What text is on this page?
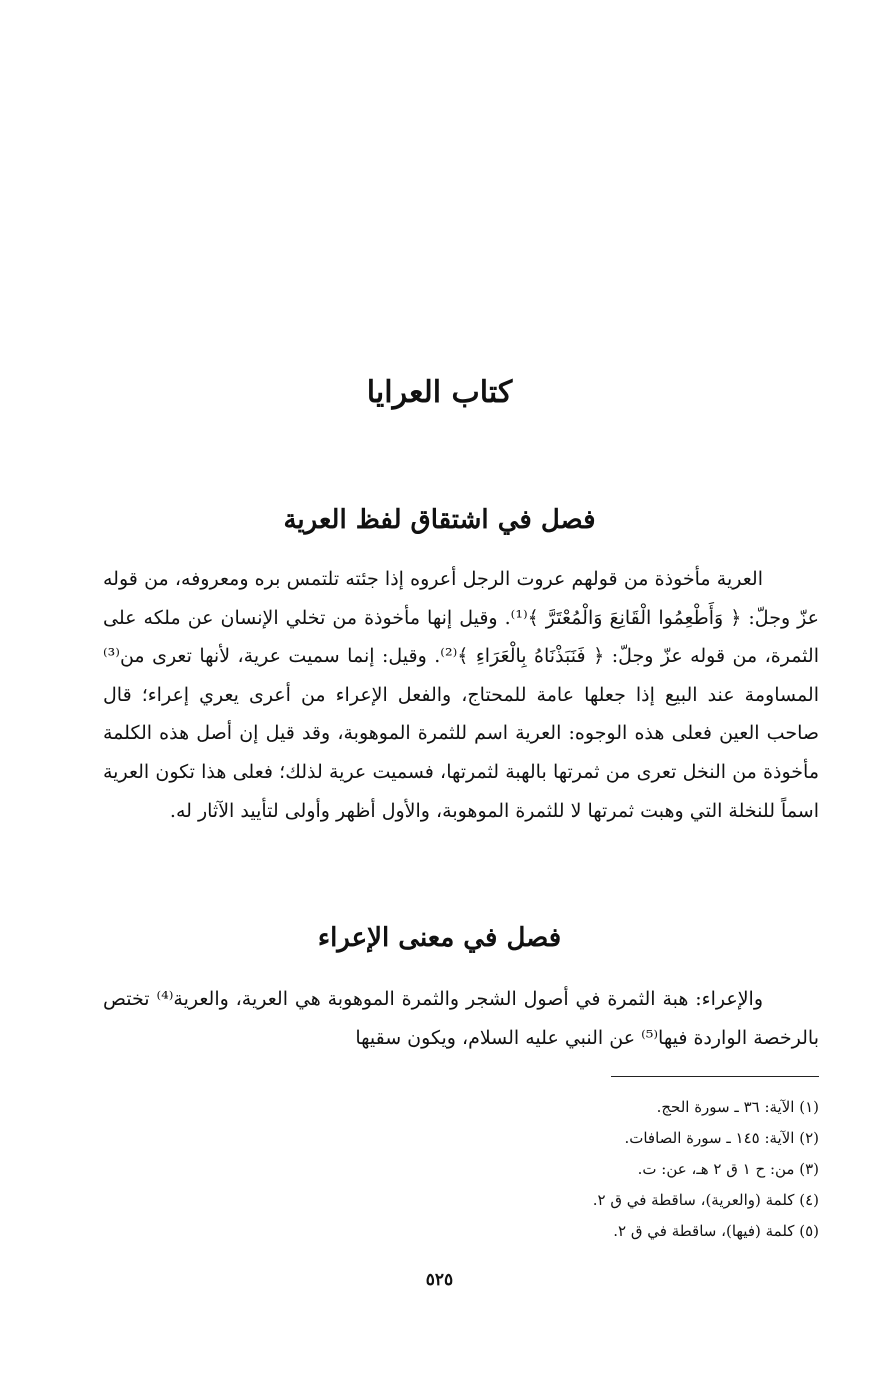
كتاب العرايا
فصل في اشتقاق لفظ العرية

العرية مأخوذة من قولهم عروت الرجل أعروه إذا جئته تلتمس بره ومعروفه، من قوله عزّ وجلّ: ﴿ وَأَطْعِمُوا الْقَانِعَ وَالْمُعْتَرَّ ﴾⁽¹⁾. وقيل إنها مأخوذة من تخلي الإنسان عن ملكه على الثمرة، من قوله عزّ وجلّ: ﴿ فَنَبَذْنَاهُ بِالْعَرَاءِ ﴾⁽²⁾. وقيل: إنما سميت عرية، لأنها تعرى من⁽³⁾ المساومة عند البيع إذا جعلها عامة للمحتاج، والفعل الإعراء من أعرى يعري إعراء؛ قال صاحب العين فعلى هذه الوجوه: العرية اسم للثمرة الموهوبة، وقد قيل إن أصل هذه الكلمة مأخوذة من النخل تعرى من ثمرتها بالهبة لثمرتها، فسميت عرية لذلك؛ فعلى هذا تكون العرية اسماً للنخلة التي وهبت ثمرتها لا للثمرة الموهوبة، والأول أظهر وأولى لتأييد الآثار له.

فصل في معنى الإعراء

والإعراء: هبة الثمرة في أصول الشجر والثمرة الموهوبة هي العرية، والعرية⁽⁴⁾ تختص بالرخصة الواردة فيها⁽⁵⁾ عن النبي عليه السلام، ويكون سقيها

(١) الآية: ٣٦ ـ سورة الحج.
(٢) الآية: ١٤٥ ـ سورة الصافات.
(٣) من: ح ١ ق ٢ هـ، عن: ت.
(٤) كلمة (والعرية)، ساقطة في ق ٢.
(٥) كلمة (فيها)، ساقطة في ق ٢.
٥٢٥
